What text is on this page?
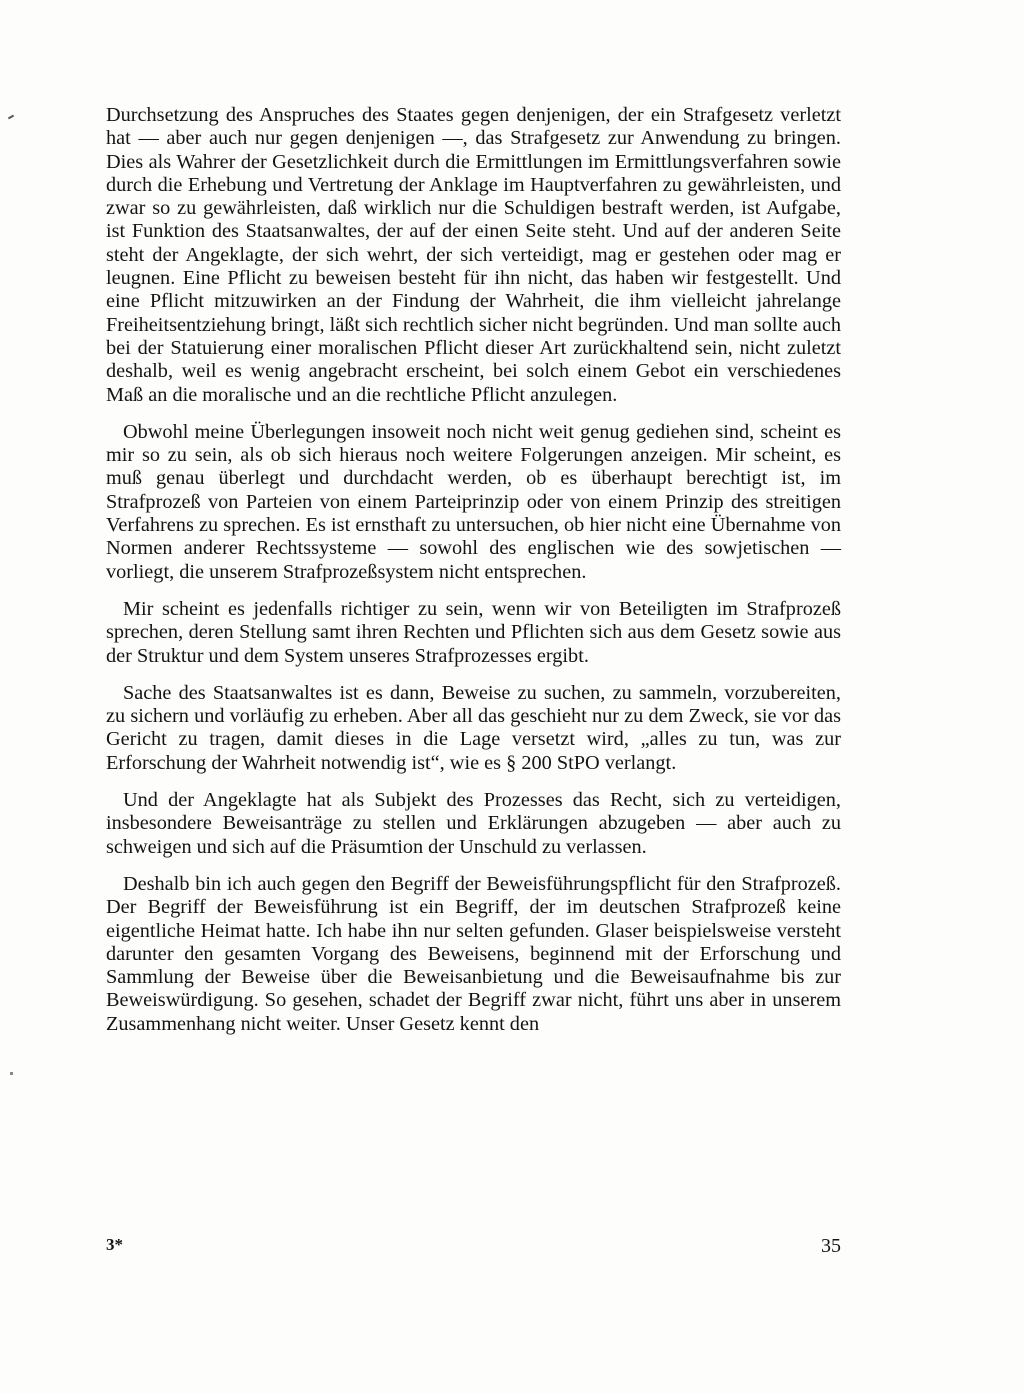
Durchsetzung des Anspruches des Staates gegen denjenigen, der ein Strafgesetz verletzt hat — aber auch nur gegen denjenigen —, das Strafgesetz zur Anwendung zu bringen. Dies als Wahrer der Gesetzlichkeit durch die Ermittlungen im Ermittlungsverfahren sowie durch die Erhebung und Vertretung der Anklage im Hauptverfahren zu gewährleisten, und zwar so zu gewährleisten, daß wirklich nur die Schuldigen bestraft werden, ist Aufgabe, ist Funktion des Staatsanwaltes, der auf der einen Seite steht. Und auf der anderen Seite steht der Angeklagte, der sich wehrt, der sich verteidigt, mag er gestehen oder mag er leugnen. Eine Pflicht zu beweisen besteht für ihn nicht, das haben wir festgestellt. Und eine Pflicht mitzuwirken an der Findung der Wahrheit, die ihm vielleicht jahrelange Freiheitsentziehung bringt, läßt sich rechtlich sicher nicht begründen. Und man sollte auch bei der Statuierung einer moralischen Pflicht dieser Art zurückhaltend sein, nicht zuletzt deshalb, weil es wenig angebracht erscheint, bei solch einem Gebot ein verschiedenes Maß an die moralische und an die rechtliche Pflicht anzulegen.

Obwohl meine Überlegungen insoweit noch nicht weit genug gediehen sind, scheint es mir so zu sein, als ob sich hieraus noch weitere Folgerungen anzeigen. Mir scheint, es muß genau überlegt und durchdacht werden, ob es überhaupt berechtigt ist, im Strafprozeß von Parteien von einem Parteiprinzip oder von einem Prinzip des streitigen Verfahrens zu sprechen. Es ist ernsthaft zu untersuchen, ob hier nicht eine Übernahme von Normen anderer Rechtssysteme — sowohl des englischen wie des sowjetischen — vorliegt, die unserem Strafprozeßsystem nicht entsprechen.

Mir scheint es jedenfalls richtiger zu sein, wenn wir von Beteiligten im Strafprozeß sprechen, deren Stellung samt ihren Rechten und Pflichten sich aus dem Gesetz sowie aus der Struktur und dem System unseres Strafprozesses ergibt.

Sache des Staatsanwaltes ist es dann, Beweise zu suchen, zu sammeln, vorzubereiten, zu sichern und vorläufig zu erheben. Aber all das geschieht nur zu dem Zweck, sie vor das Gericht zu tragen, damit dieses in die Lage versetzt wird, „alles zu tun, was zur Erforschung der Wahrheit notwendig ist“, wie es § 200 StPO verlangt.

Und der Angeklagte hat als Subjekt des Prozesses das Recht, sich zu verteidigen, insbesondere Beweisanträge zu stellen und Erklärungen abzugeben — aber auch zu schweigen und sich auf die Präsumtion der Unschuld zu verlassen.

Deshalb bin ich auch gegen den Begriff der Beweisführungspflicht für den Strafprozeß. Der Begriff der Beweisführung ist ein Begriff, der im deutschen Strafprozeß keine eigentliche Heimat hatte. Ich habe ihn nur selten gefunden. Glaser beispielsweise versteht darunter den gesamten Vorgang des Beweisens, beginnend mit der Erforschung und Sammlung der Beweise über die Beweisanbietung und die Beweisaufnahme bis zur Beweiswürdigung. So gesehen, schadet der Begriff zwar nicht, führt uns aber in unserem Zusammenhang nicht weiter. Unser Gesetz kennt den

3*	35
